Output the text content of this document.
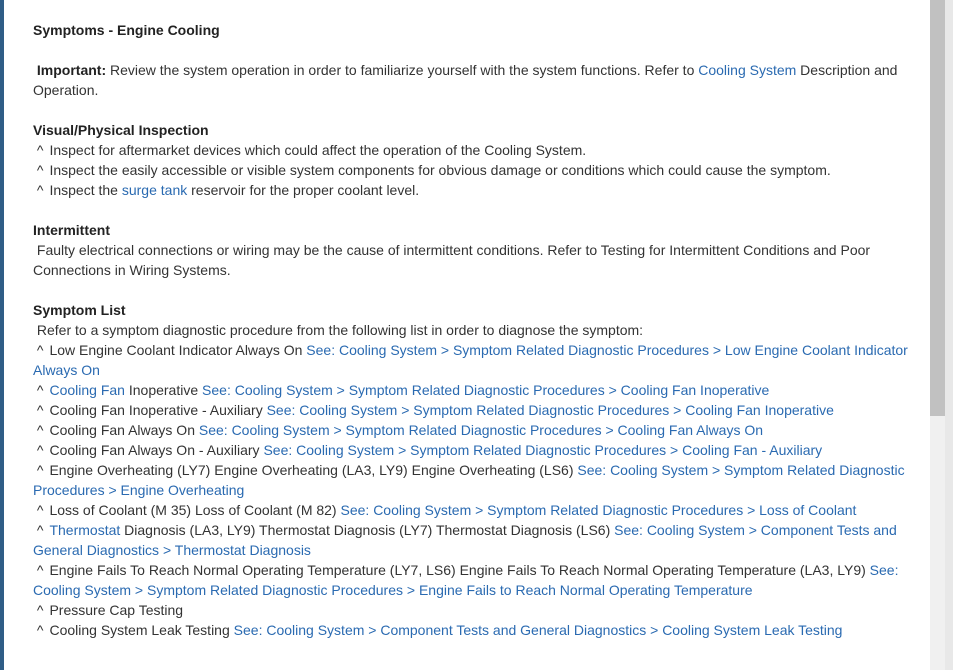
Symptoms - Engine Cooling
Important: Review the system operation in order to familiarize yourself with the system functions. Refer to Cooling System Description and Operation.
Visual/Physical Inspection
^ Inspect for aftermarket devices which could affect the operation of the Cooling System.
^ Inspect the easily accessible or visible system components for obvious damage or conditions which could cause the symptom.
^ Inspect the surge tank reservoir for the proper coolant level.
Intermittent
Faulty electrical connections or wiring may be the cause of intermittent conditions. Refer to Testing for Intermittent Conditions and Poor Connections in Wiring Systems.
Symptom List
Refer to a symptom diagnostic procedure from the following list in order to diagnose the symptom:
^ Low Engine Coolant Indicator Always On See: Cooling System > Symptom Related Diagnostic Procedures > Low Engine Coolant Indicator Always On
^ Cooling Fan Inoperative See: Cooling System > Symptom Related Diagnostic Procedures > Cooling Fan Inoperative
^ Cooling Fan Inoperative - Auxiliary See: Cooling System > Symptom Related Diagnostic Procedures > Cooling Fan Inoperative
^ Cooling Fan Always On See: Cooling System > Symptom Related Diagnostic Procedures > Cooling Fan Always On
^ Cooling Fan Always On - Auxiliary See: Cooling System > Symptom Related Diagnostic Procedures > Cooling Fan - Auxiliary
^ Engine Overheating (LY7) Engine Overheating (LA3, LY9) Engine Overheating (LS6) See: Cooling System > Symptom Related Diagnostic Procedures > Engine Overheating
^ Loss of Coolant (M 35) Loss of Coolant (M 82) See: Cooling System > Symptom Related Diagnostic Procedures > Loss of Coolant
^ Thermostat Diagnosis (LA3, LY9) Thermostat Diagnosis (LY7) Thermostat Diagnosis (LS6) See: Cooling System > Component Tests and General Diagnostics > Thermostat Diagnosis
^ Engine Fails To Reach Normal Operating Temperature (LY7, LS6) Engine Fails To Reach Normal Operating Temperature (LA3, LY9) See: Cooling System > Symptom Related Diagnostic Procedures > Engine Fails to Reach Normal Operating Temperature
^ Pressure Cap Testing
^ Cooling System Leak Testing See: Cooling System > Component Tests and General Diagnostics > Cooling System Leak Testing
